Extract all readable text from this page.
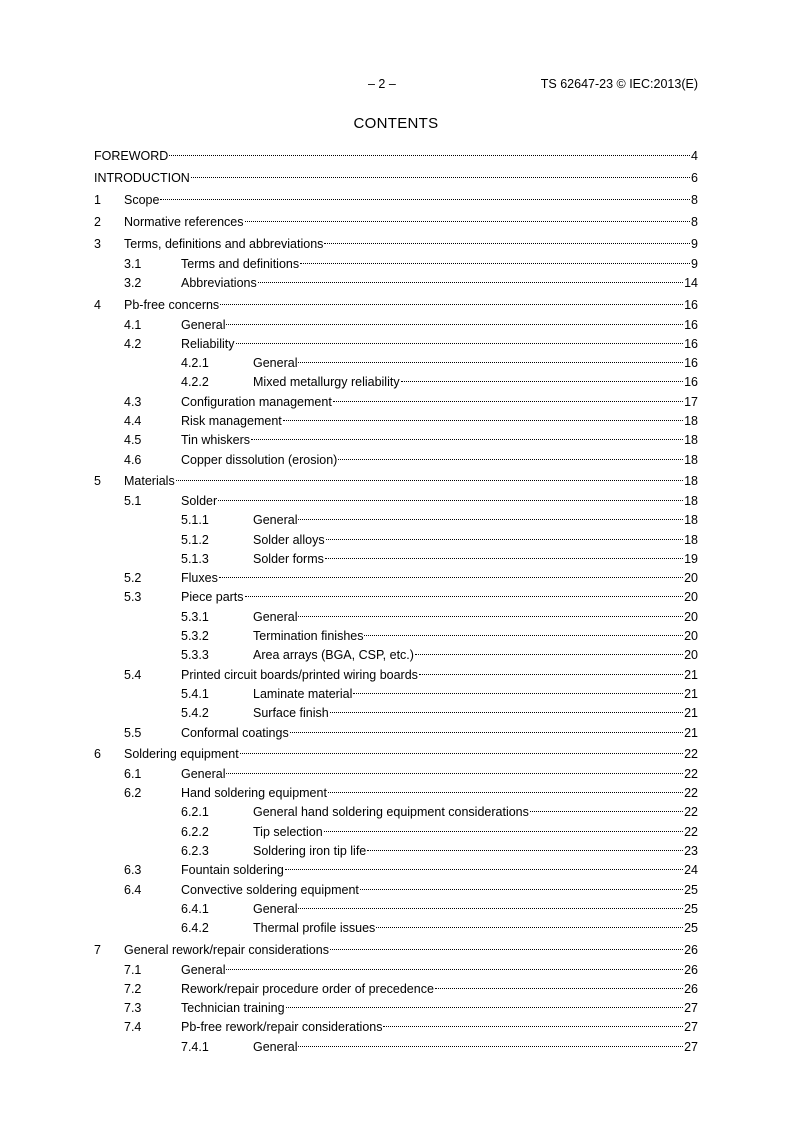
– 2 –	TS 62647-23 © IEC:2013(E)
CONTENTS
FOREWORD	4
INTRODUCTION	6
1	Scope	8
2	Normative references	8
3	Terms, definitions and abbreviations	9
3.1	Terms and definitions	9
3.2	Abbreviations	14
4	Pb-free concerns	16
4.1	General	16
4.2	Reliability	16
4.2.1	General	16
4.2.2	Mixed metallurgy reliability	16
4.3	Configuration management	17
4.4	Risk management	18
4.5	Tin whiskers	18
4.6	Copper dissolution (erosion)	18
5	Materials	18
5.1	Solder	18
5.1.1	General	18
5.1.2	Solder alloys	18
5.1.3	Solder forms	19
5.2	Fluxes	20
5.3	Piece parts	20
5.3.1	General	20
5.3.2	Termination finishes	20
5.3.3	Area arrays (BGA, CSP, etc.)	20
5.4	Printed circuit boards/printed wiring boards	21
5.4.1	Laminate material	21
5.4.2	Surface finish	21
5.5	Conformal coatings	21
6	Soldering equipment	22
6.1	General	22
6.2	Hand soldering equipment	22
6.2.1	General hand soldering equipment considerations	22
6.2.2	Tip selection	22
6.2.3	Soldering iron tip life	23
6.3	Fountain soldering	24
6.4	Convective soldering equipment	25
6.4.1	General	25
6.4.2	Thermal profile issues	25
7	General rework/repair considerations	26
7.1	General	26
7.2	Rework/repair procedure order of precedence	26
7.3	Technician training	27
7.4	Pb-free rework/repair considerations	27
7.4.1	General	27
